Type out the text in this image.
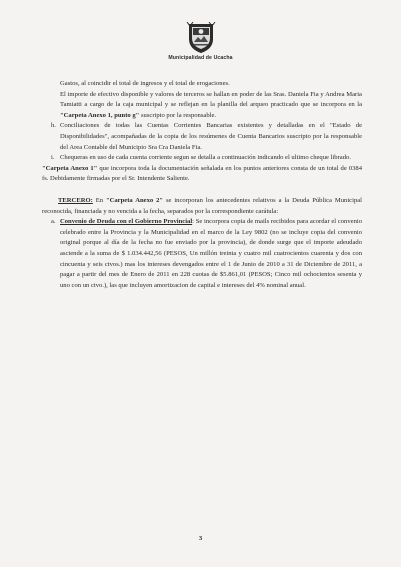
Municipalidad de Ucacha

Gastos, al coincidir el total de ingresos y el total de erogaciones.

El importe de efectivo disponible y valores de terceros se hallan en poder de las Sras. Daniela Fia y Andrea Maria Tamiatti a cargo de la caja municipal y se reflejan en la planilla del arqueo practicado que se incorpora en la "Carpeta Anexo 1, punto g" suscripto por la responsable.

h. Conciliaciones de todas las Cuentas Corrientes Bancarias existentes y detalladas en el "Estado de Disponibilidades", acompañadas de la copia de los resúmenes de Cuenta Bancarios suscripto por la responsable del Area Contable del Municipio Sra Cra Daniela Fia.

i. Chequeras en uso de cada cuenta corriente segun se detalla a continuación indicando el ultimo cheque librado.

"Carpeta Anexo 1" que incorpora toda la documentación señalada en los puntos anteriores consta de un total de 0384 fs. Debidamente firmadas por el Sr. Intendente Saliente.

TERCERO: En "Carpeta Anexo 2" se incorporan los antecedentes relativos a la Deuda Pública Municipal reconocida, financiada y no vencida a la fecha, separados por la correspondiente carátula:

a. Convenio de Deuda con el Gobierno Provincial: Se incorpora copia de mails recibidos para acordar el convenio celebrado entre la Provincia y la Municipalidad en el marco de la Ley 9802 (no se incluye copia del convenio original porque al día de la fecha no fue enviado por la provincia), de donde surge que el importe adeudado asciende a la suma de $ 1.034.442,56 (PESOS, Un millón treinta y cuatro mil cuatrocientos cuarenta y dos con cincuenta y seis ctvos.) mas los intereses devengados entre el 1 de Junio de 2010 a 31 de Diciembre de 2011, a pagar a partir del mes de Enero de 2011 en 228 cuotas de $5.861,01 (PESOS; Cinco mil ochocientos sesenta y uno con un ctvo.), las que incluyen amortizacion de capital e intereses del 4% nominal anual.

3
